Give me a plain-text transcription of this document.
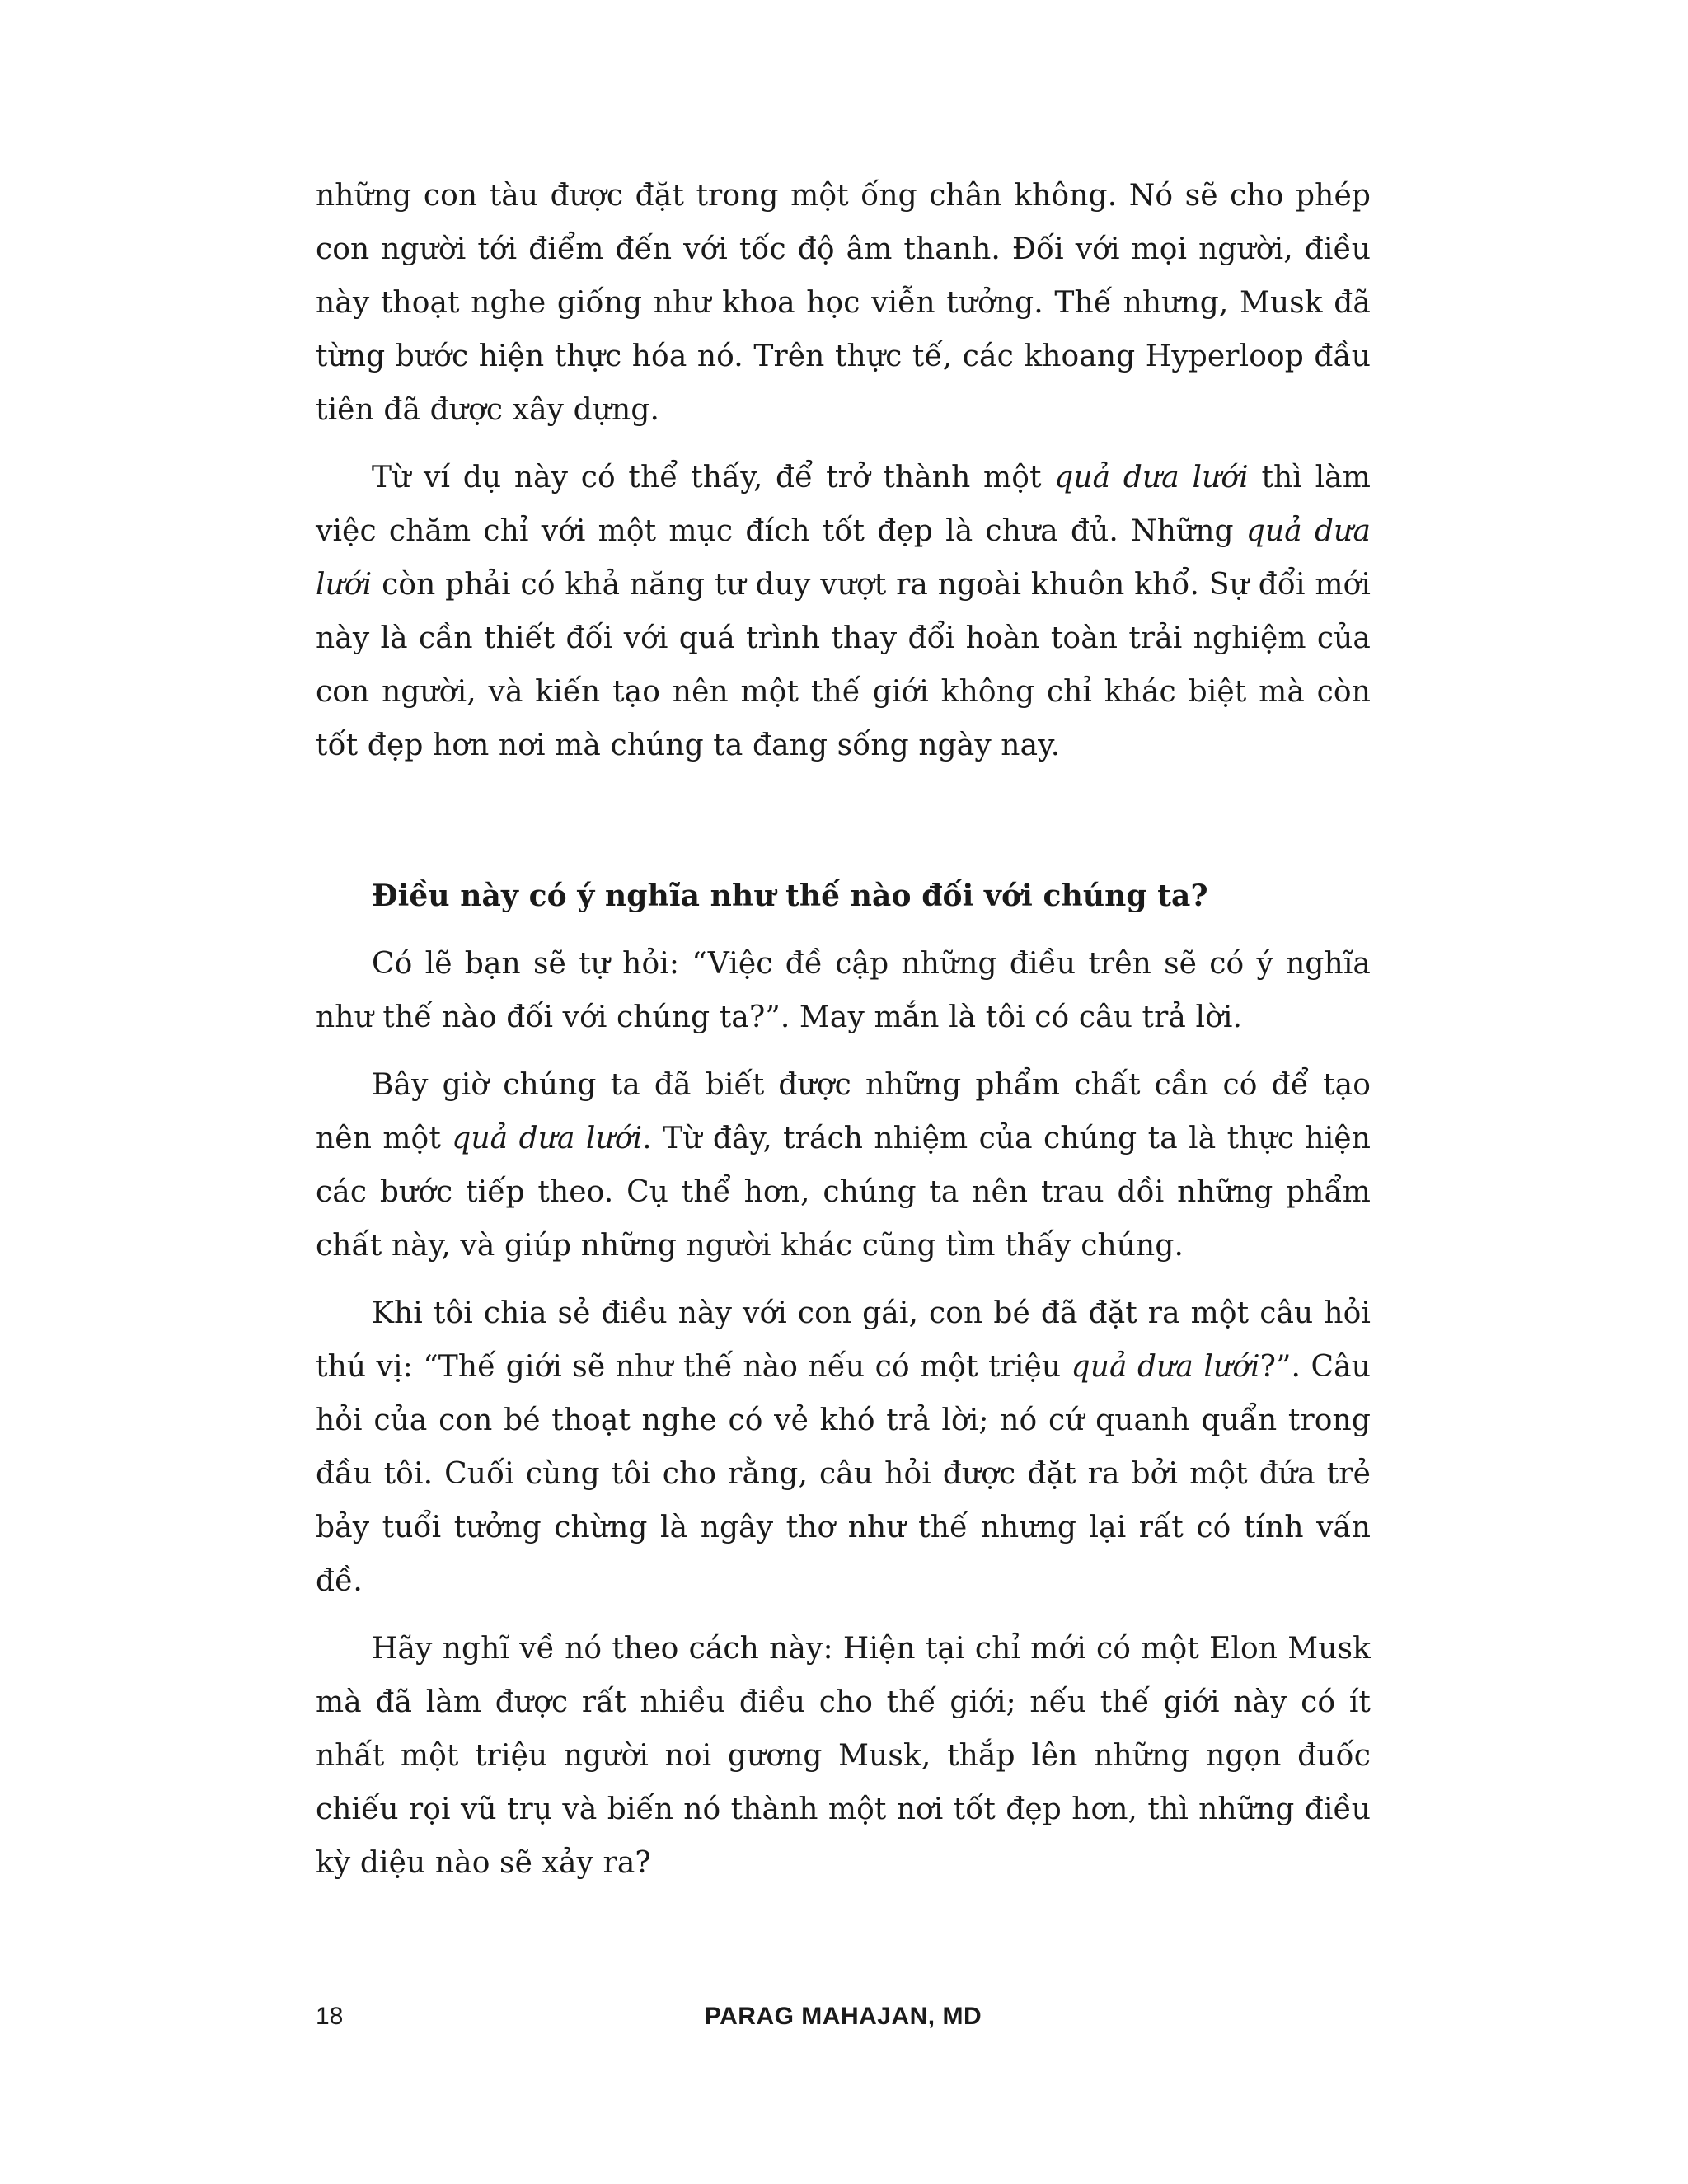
những con tàu được đặt trong một ống chân không. Nó sẽ cho phép con người tới điểm đến với tốc độ âm thanh. Đối với mọi người, điều này thoạt nghe giống như khoa học viễn tưởng. Thế nhưng, Musk đã từng bước hiện thực hóa nó. Trên thực tế, các khoang Hyperloop đầu tiên đã được xây dựng.

Từ ví dụ này có thể thấy, để trở thành một quả dưa lưới thì làm việc chăm chỉ với một mục đích tốt đẹp là chưa đủ. Những quả dưa lưới còn phải có khả năng tư duy vượt ra ngoài khuôn khổ. Sự đổi mới này là cần thiết đối với quá trình thay đổi hoàn toàn trải nghiệm của con người, và kiến tạo nên một thế giới không chỉ khác biệt mà còn tốt đẹp hơn nơi mà chúng ta đang sống ngày nay.

Điều này có ý nghĩa như thế nào đối với chúng ta?

Có lẽ bạn sẽ tự hỏi: “Việc đề cập những điều trên sẽ có ý nghĩa như thế nào đối với chúng ta?”. May mắn là tôi có câu trả lời.

Bây giờ chúng ta đã biết được những phẩm chất cần có để tạo nên một quả dưa lưới. Từ đây, trách nhiệm của chúng ta là thực hiện các bước tiếp theo. Cụ thể hơn, chúng ta nên trau dồi những phẩm chất này, và giúp những người khác cũng tìm thấy chúng.

Khi tôi chia sẻ điều này với con gái, con bé đã đặt ra một câu hỏi thú vị: “Thế giới sẽ như thế nào nếu có một triệu quả dưa lưới?”. Câu hỏi của con bé thoạt nghe có vẻ khó trả lời; nó cứ quanh quẩn trong đầu tôi. Cuối cùng tôi cho rằng, câu hỏi được đặt ra bởi một đứa trẻ bảy tuổi tưởng chừng là ngây thơ như thế nhưng lại rất có tính vấn đề.

Hãy nghĩ về nó theo cách này: Hiện tại chỉ mới có một Elon Musk mà đã làm được rất nhiều điều cho thế giới; nếu thế giới này có ít nhất một triệu người noi gương Musk, thắp lên những ngọn đuốc chiếu rọi vũ trụ và biến nó thành một nơi tốt đẹp hơn, thì những điều kỳ diệu nào sẽ xảy ra?

18	PARAG MAHAJAN, MD
